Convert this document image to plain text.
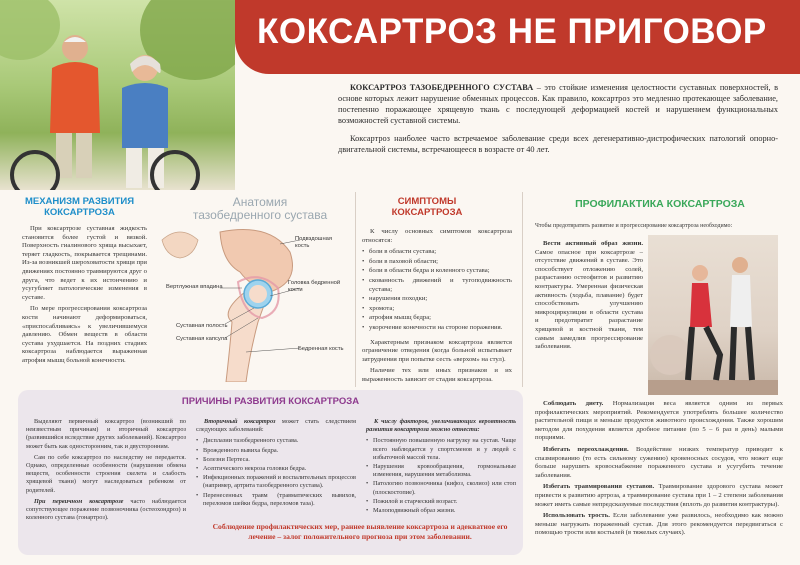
КОКСАРТРОЗ НЕ ПРИГОВОР

КОКСАРТРОЗ ТАЗОБЕДРЕННОГО СУСТАВА – это стойкие изменения целостности суставных поверхностей, в основе которых лежит нарушение обменных процессов. Как правило, коксартроз это медленно протекающее заболевание, постепенно поражающее хрящевую ткань с последующей деформацией костей и нарушением функциональных возможностей суставной системы.

Коксартроз наиболее часто встречаемое заболевание среди всех дегенеративно-дистрофических патологий опорно-двигательной системы, встречающееся в возрасте от 40 лет.

МЕХАНИЗМ РАЗВИТИЯ
КОКСАРТРОЗА

При коксартрозе суставная жидкость становится более густой и вязкой. Поверхность гиалинового хряща высыхает, теряет гладкость, покрывается трещинами. Из-за возникшей шероховатости хрящи при движениях постоянно травмируются друг о друга, что ведет к их истончению и усугубляет патологические изменения в суставе.

По мере прогрессирования коксартроза кости начинают деформироваться, «приспосабливаясь» к увеличившемуся давлению. Обмен веществ в области сустава ухудшается. На поздних стадиях коксартроза наблюдается выраженная атрофия мышц больной конечности.

Анатомия
тазобедренного сустава
Подвздошная кость
Вертлужная впадина
Головка бедренной кости
Суставная полость
Суставная капсула
Бедренная кость
СИМПТОМЫ
КОКСАРТРОЗА

К числу основных симптомов коксартроза относятся:

• боли в области сустава;
• боли в паховой области;
• боли в области бедра и коленного сустава;
• скованность движений и тугоподвижность сустава;
• нарушения походки;
• хромота;
• атрофия мышц бедра;
• укорочение конечности на стороне поражения.

Характерным признаком коксартроза является ограничение отведения (когда больной испытывает затруднения при попытке сесть «верхом» на стул).

Наличие тех или иных признаков и их выраженность зависит от стадии коксартроза.

ПРОФИЛАКТИКА КОКСАРТРОЗА
Чтобы предотвратить развитие и прогрессирование коксартроза необходимо:

Вести активный образ жизни. Самое опасное при коксартрозе – отсутствие движений в суставе. Это способствует отложению солей, разрастанию остеофитов и развитию контрактуры. Умеренная физическая активность (ходьба, плавание) будет способствовать улучшению микроциркуляции в области сустава и предотвратит разрастание хрящевой и костной ткани, тем самым замедлив прогрессирование заболевания.

Соблюдать диету. Нормализация веса является одним из первых профилактических мероприятий. Рекомендуется употреблять большее количество растительной пищи и меньше продуктов животного происхождения. Также хорошим методом для похудения является дробное питание (по 5 – 6 раз в день) малыми порциями.

Избегать переохлаждения. Воздействие низких температур приводит к спазмированию (то есть сильному сужению) кровеносных сосудов, что может еще больше нарушить кровоснабжение пораженного сустава и усугубить течение заболевания.

Избегать травмирования суставов. Травмирование здорового сустава может привести к развитию артроза, а травмирование сустава при 1 – 2 степени заболевания может иметь самые непредсказуемые последствия (вплоть до развития контрактуры).

Использовать трость. Если заболевание уже развилось, необходимо как можно меньше нагружать пораженный сустав. Для этого рекомендуется передвигаться с помощью трости или костылей (в тяжелых случаях).

ПРИЧИНЫ РАЗВИТИЯ КОКСАРТРОЗА

Выделяют первичный коксартроз (возникший по неизвестным причинам) и вторичный коксартроз (развившийся вследствие других заболеваний). Коксартроз может быть как односторонним, так и двусторонним.

Сам по себе коксартроз по наследству не передается. Однако, определенные особенности (нарушения обмена веществ, особенности строения скелета и слабость хрящевой ткани) могут наследоваться ребенком от родителей.

При первичном коксартрозе часто наблюдается сопутствующее поражение позвоночника (остеохондроз) и коленного сустава (гонартроз).

Вторичный коксартроз может стать следствием следующих заболеваний:

• Дисплазии тазобедренного сустава.
• Врожденного вывиха бедра.
• Болезни Пертеса.
• Асептического некроза головки бедра.
• Инфекционных поражений и воспалительных процессов (например, артрита тазобедренного сустава).
• Перенесенных травм (травматических вывихов, переломов шейки бедра, переломов таза).

К числу факторов, увеличивающих вероятность развития коксартроза можно отнести:

• Постоянную повышенную нагрузку на сустав. Чаще всего наблюдается у спортсменов и у людей с избыточной массой тела.
• Нарушения кровообращения, гормональные изменения, нарушения метаболизма.
• Патологию позвоночника (кифоз, сколиоз) или стоп (плоскостопие).
• Пожилой и старческий возраст.
• Малоподвижный образ жизни.
Соблюдение профилактических мер, раннее выявление коксартроза и адекватное его лечение – залог положительного прогноза при этом заболевании.
